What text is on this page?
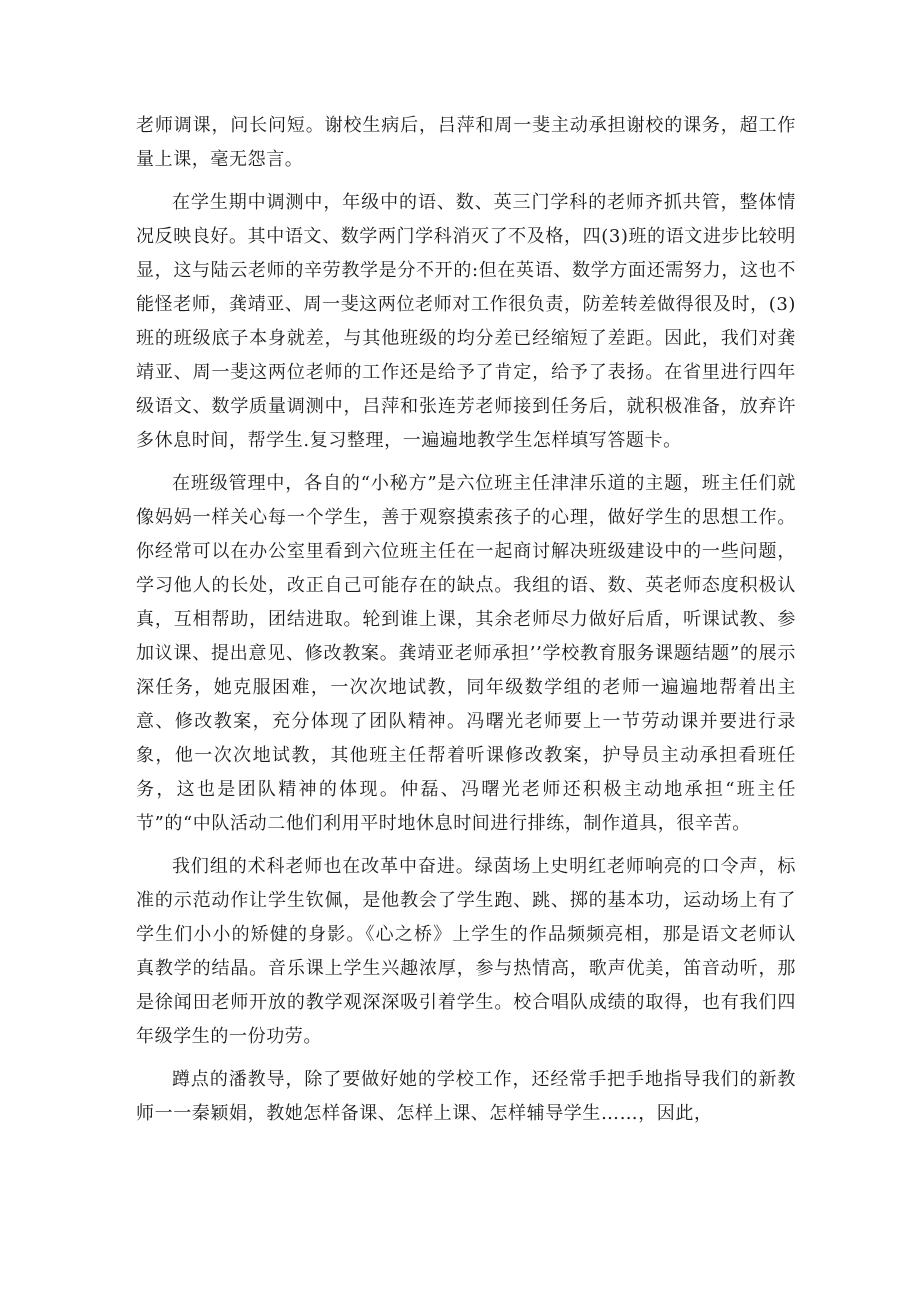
老师调课，问长问短。谢校生病后，吕萍和周一斐主动承担谢校的课务，超工作量上课，毫无怨言。

在学生期中调测中，年级中的语、数、英三门学科的老师齐抓共管，整体情况反映良好。其中语文、数学两门学科消灭了不及格，四(3)班的语文进步比较明显，这与陆云老师的辛劳教学是分不开的:但在英语、数学方面还需努力，这也不能怪老师，龚靖亚、周一斐这两位老师对工作很负责，防差转差做得很及时，(3)班的班级底子本身就差，与其他班级的均分差已经缩短了差距。因此，我们对龚靖亚、周一斐这两位老师的工作还是给予了肯定，给予了表扬。在省里进行四年级语文、数学质量调测中，吕萍和张连芳老师接到任务后，就积极准备，放弃许多休息时间，帮学生.复习整理，一遍遍地教学生怎样填写答题卡。

在班级管理中，各自的“小秘方”是六位班主任津津乐道的主题，班主任们就像妈妈一样关心每一个学生，善于观察摸索孩子的心理，做好学生的思想工作。你经常可以在办公室里看到六位班主任在一起商讨解决班级建设中的一些问题，学习他人的长处，改正自己可能存在的缺点。我组的语、数、英老师态度积极认真，互相帮助，团结进取。轮到谁上课，其余老师尽力做好后盾，听课试教、参加议课、提出意见、修改教案。龚靖亚老师承担’’学校教育服务课题结题”的展示深任务，她克服困难，一次次地试教，同年级数学组的老师一遍遍地帮着出主意、修改教案，充分体现了团队精神。冯曙光老师要上一节劳动课并要进行录象，他一次次地试教，其他班主任帮着听课修改教案，护导员主动承担看班任务，这也是团队精神的体现。仲磊、冯曙光老师还积极主动地承担“班主任节”的“中队活动二他们利用平时地休息时间进行排练，制作道具，很辛苦。

我们组的术科老师也在改革中奋进。绿茵场上史明红老师响亮的口令声，标准的示范动作让学生钦佩，是他教会了学生跑、跳、掷的基本功，运动场上有了学生们小小的矫健的身影。《心之桥》上学生的作品频频亮相，那是语文老师认真教学的结晶。音乐课上学生兴趣浓厚，参与热情高，歌声优美，笛音动听，那是徐闻田老师开放的教学观深深吸引着学生。校合唱队成绩的取得，也有我们四年级学生的一份功劳。

蹲点的潘教导，除了要做好她的学校工作，还经常手把手地指导我们的新教师一一秦颖娟，教她怎样备课、怎样上课、怎样辅导学生……，因此，
